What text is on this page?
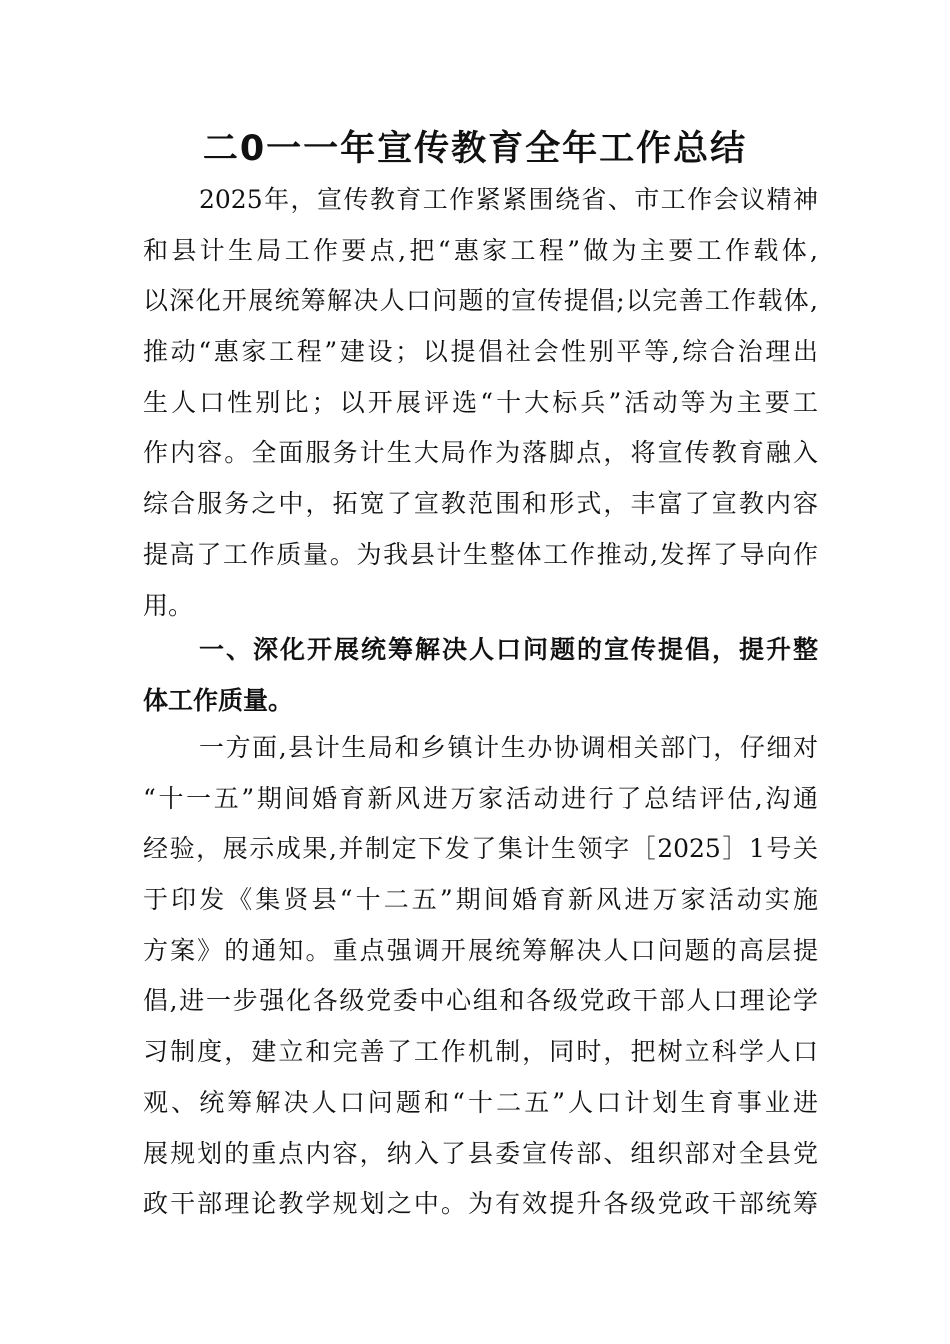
二0一一年宣传教育全年工作总结
2025年，宣传教育工作紧紧围绕省、市工作会议精神
和县计生局工作要点,把“惠家工程”做为主要工作载体,
以深化开展统筹解决人口问题的宣传提倡;以完善工作载体,
推动“惠家工程”建设；以提倡社会性别平等,综合治理出
生人口性别比；以开展评选“十大标兵”活动等为主要工
作内容。全面服务计生大局作为落脚点，将宣传教育融入
综合服务之中，拓宽了宣教范围和形式，丰富了宣教内容
提高了工作质量。为我县计生整体工作推动,发挥了导向作
用。
一、深化开展统筹解决人口问题的宣传提倡，提升整
体工作质量。
一方面,县计生局和乡镇计生办协调相关部门，仔细对
“十一五”期间婚育新风进万家活动进行了总结评估,沟通
经验，展示成果,并制定下发了集计生领字［2025］1号关
于印发《集贤县“十二五”期间婚育新风进万家活动实施
方案》的通知。重点强调开展统筹解决人口问题的高层提
倡,进一步强化各级党委中心组和各级党政干部人口理论学
习制度，建立和完善了工作机制，同时，把树立科学人口
观、统筹解决人口问题和“十二五”人口计划生育事业进
展规划的重点内容，纳入了县委宣传部、组织部对全县党
政干部理论教学规划之中。为有效提升各级党政干部统筹
